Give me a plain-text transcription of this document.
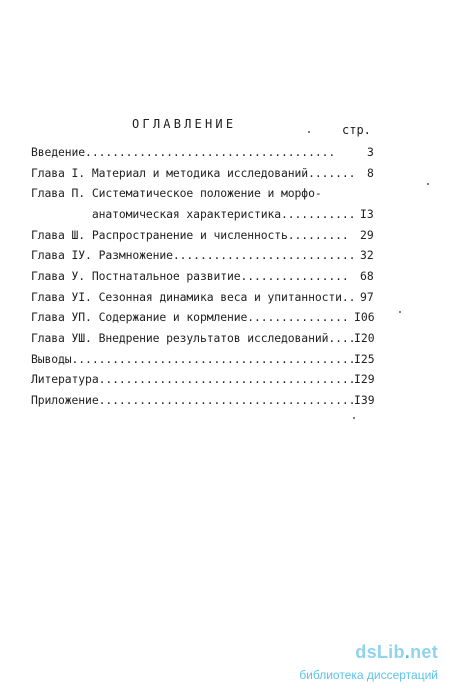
ОГЛАВЛЕНИЕ	стр.
Введение.....................................	3
Глава I. Материал и методика исследований....... 8
Глава П. Систематическое положение и морфо-
анатомическая характеристика........... I3
Глава Ш. Распространение и численность......... 29
Глава IУ. Размножение........................... 32
Глава У. Постнатальное развитие................ 68
Глава УI. Сезонная динамика веса и упитанности.. 97
Глава УП. Содержание и кормление............... I06
Глава УШ. Внедрение результатов исследований....
I20
Выводы..........................................
I25
Литература......................................
I29
Приложение......................................
I39
dsLib.net
библиотека диссертаций
